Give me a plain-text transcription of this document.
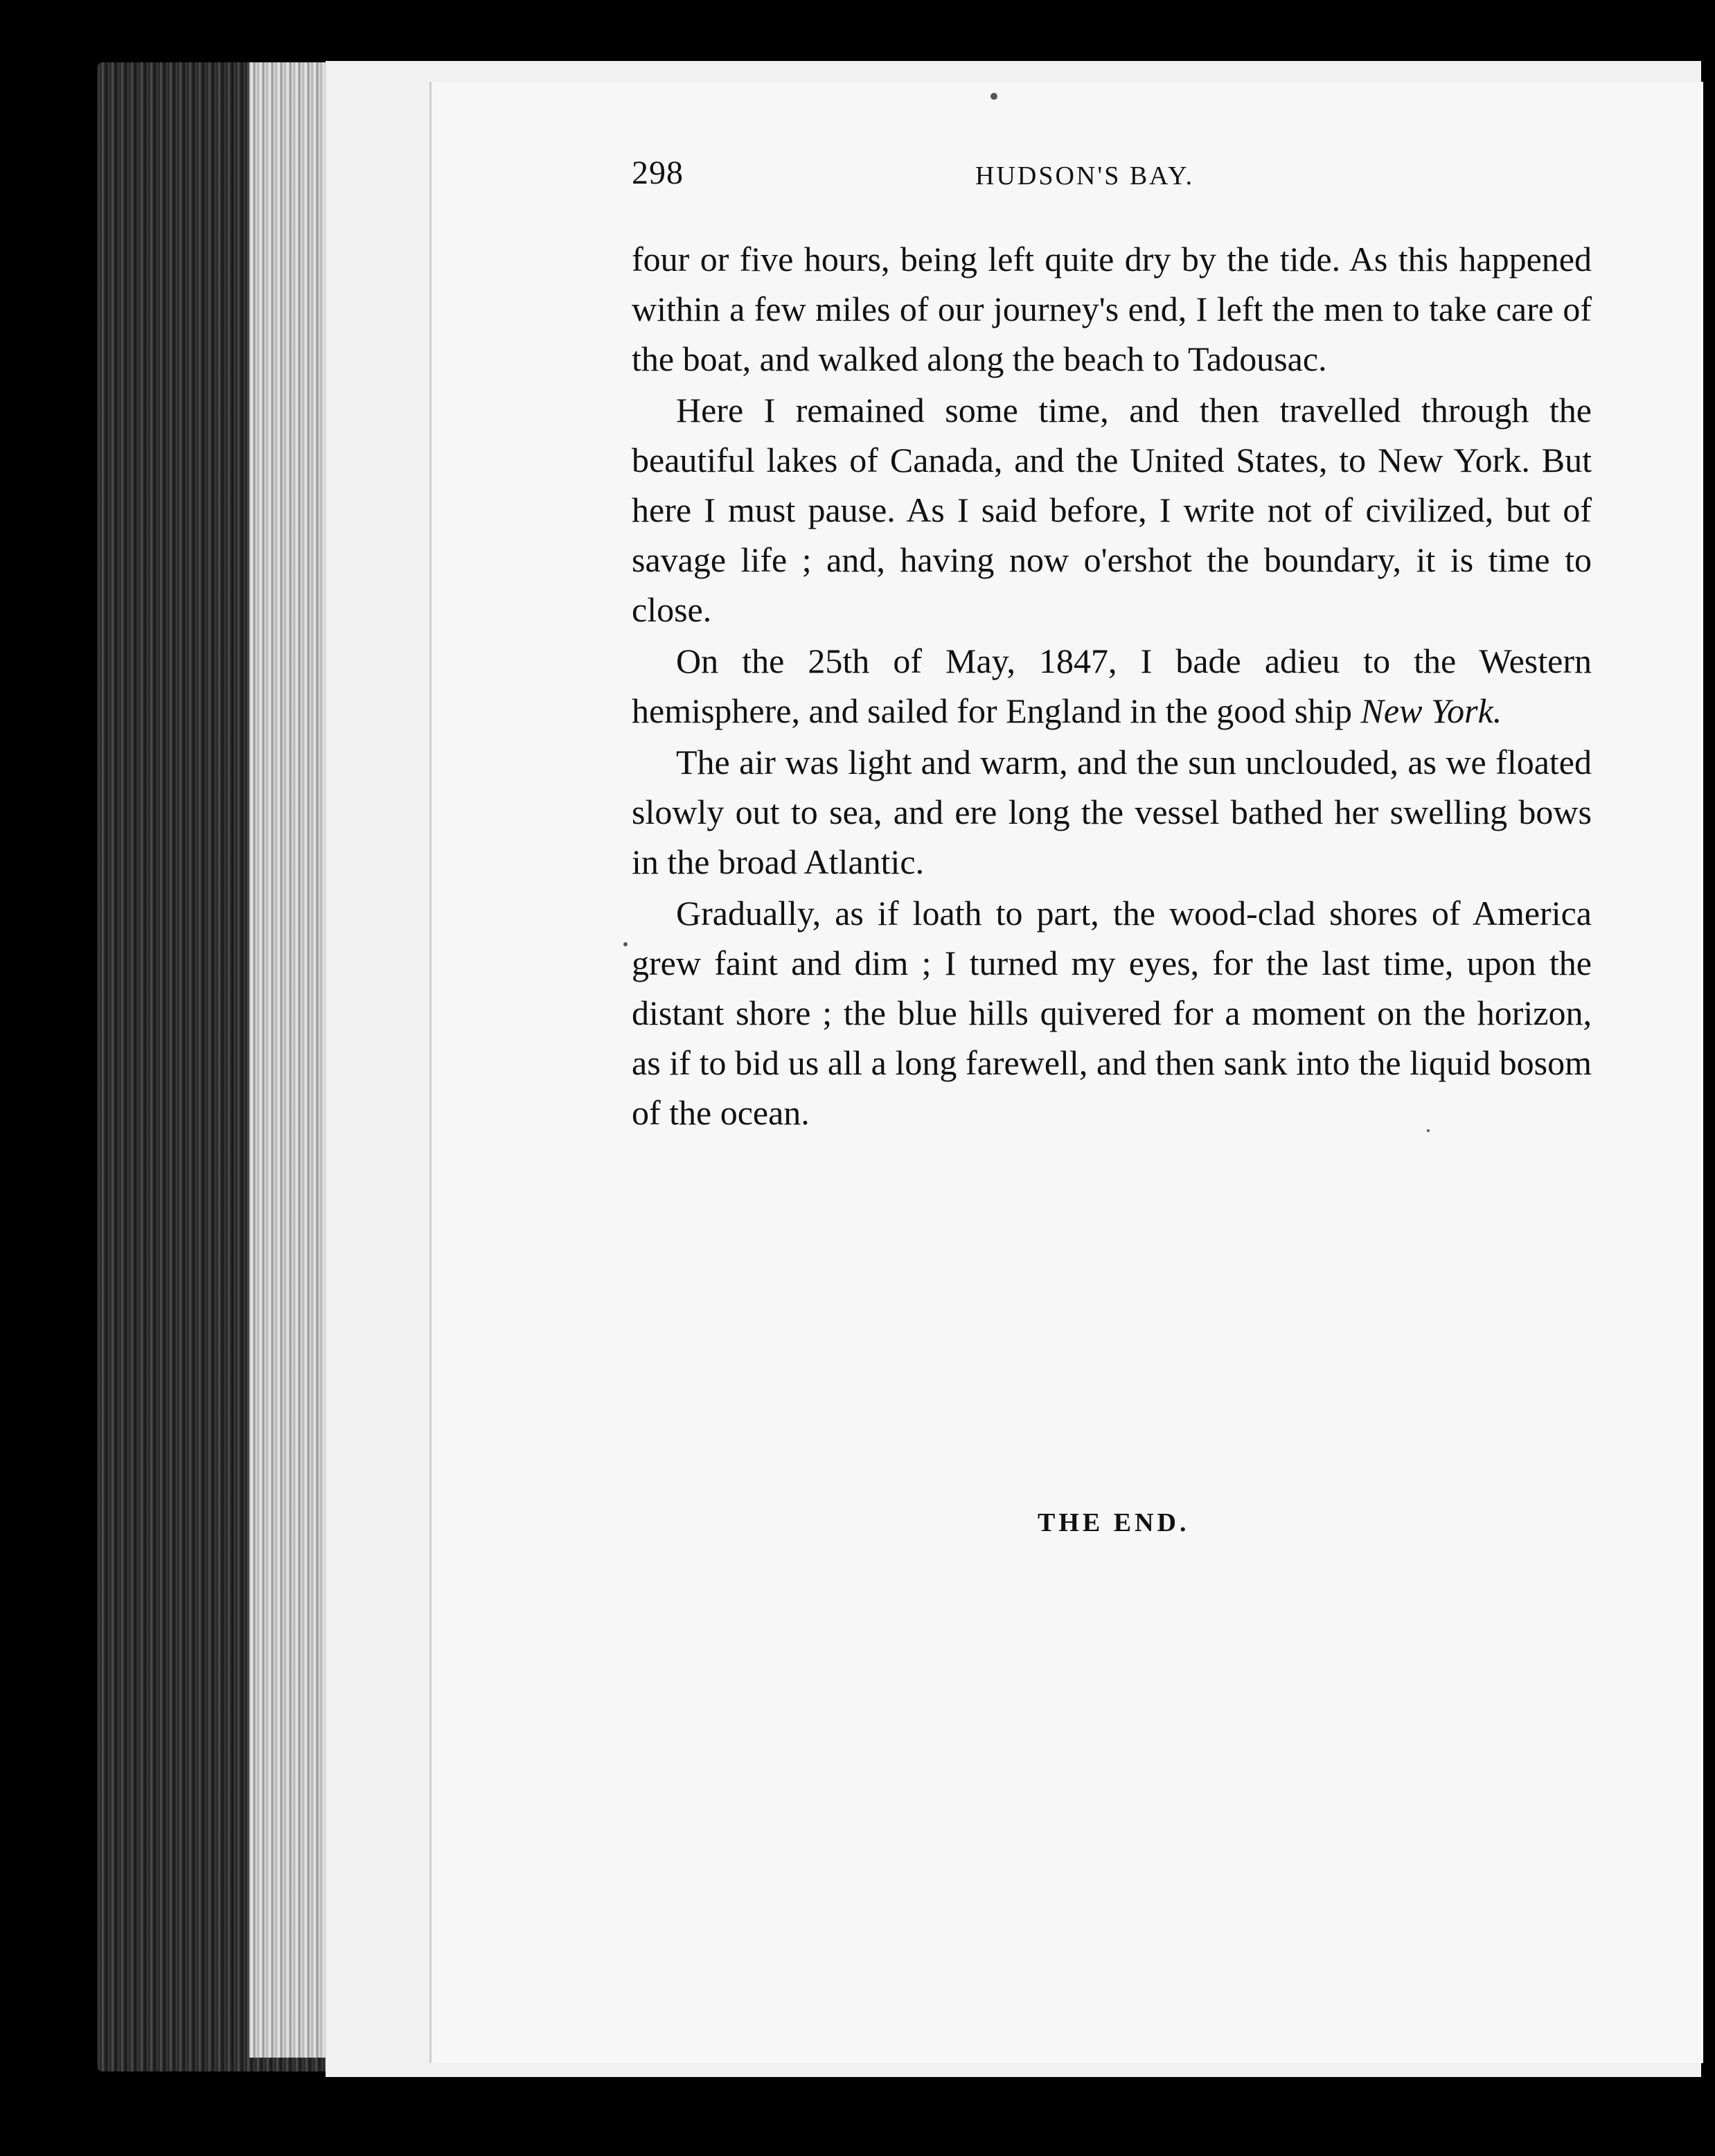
298	HUDSON'S BAY.

four or five hours, being left quite dry by the tide. As this happened within a few miles of our journey's end, I left the men to take care of the boat, and walked along the beach to Tadousac.

Here I remained some time, and then travelled through the beautiful lakes of Canada, and the United States, to New York. But here I must pause. As I said before, I write not of civilized, but of savage life ; and, having now o'ershot the boundary, it is time to close.

On the 25th of May, 1847, I bade adieu to the Western hemisphere, and sailed for England in the good ship New York.

The air was light and warm, and the sun unclouded, as we floated slowly out to sea, and ere long the vessel bathed her swelling bows in the broad Atlantic.

Gradually, as if loath to part, the wood-clad shores of America grew faint and dim ; I turned my eyes, for the last time, upon the distant shore ; the blue hills quivered for a moment on the horizon, as if to bid us all a long farewell, and then sank into the liquid bosom of the ocean.

THE END.
